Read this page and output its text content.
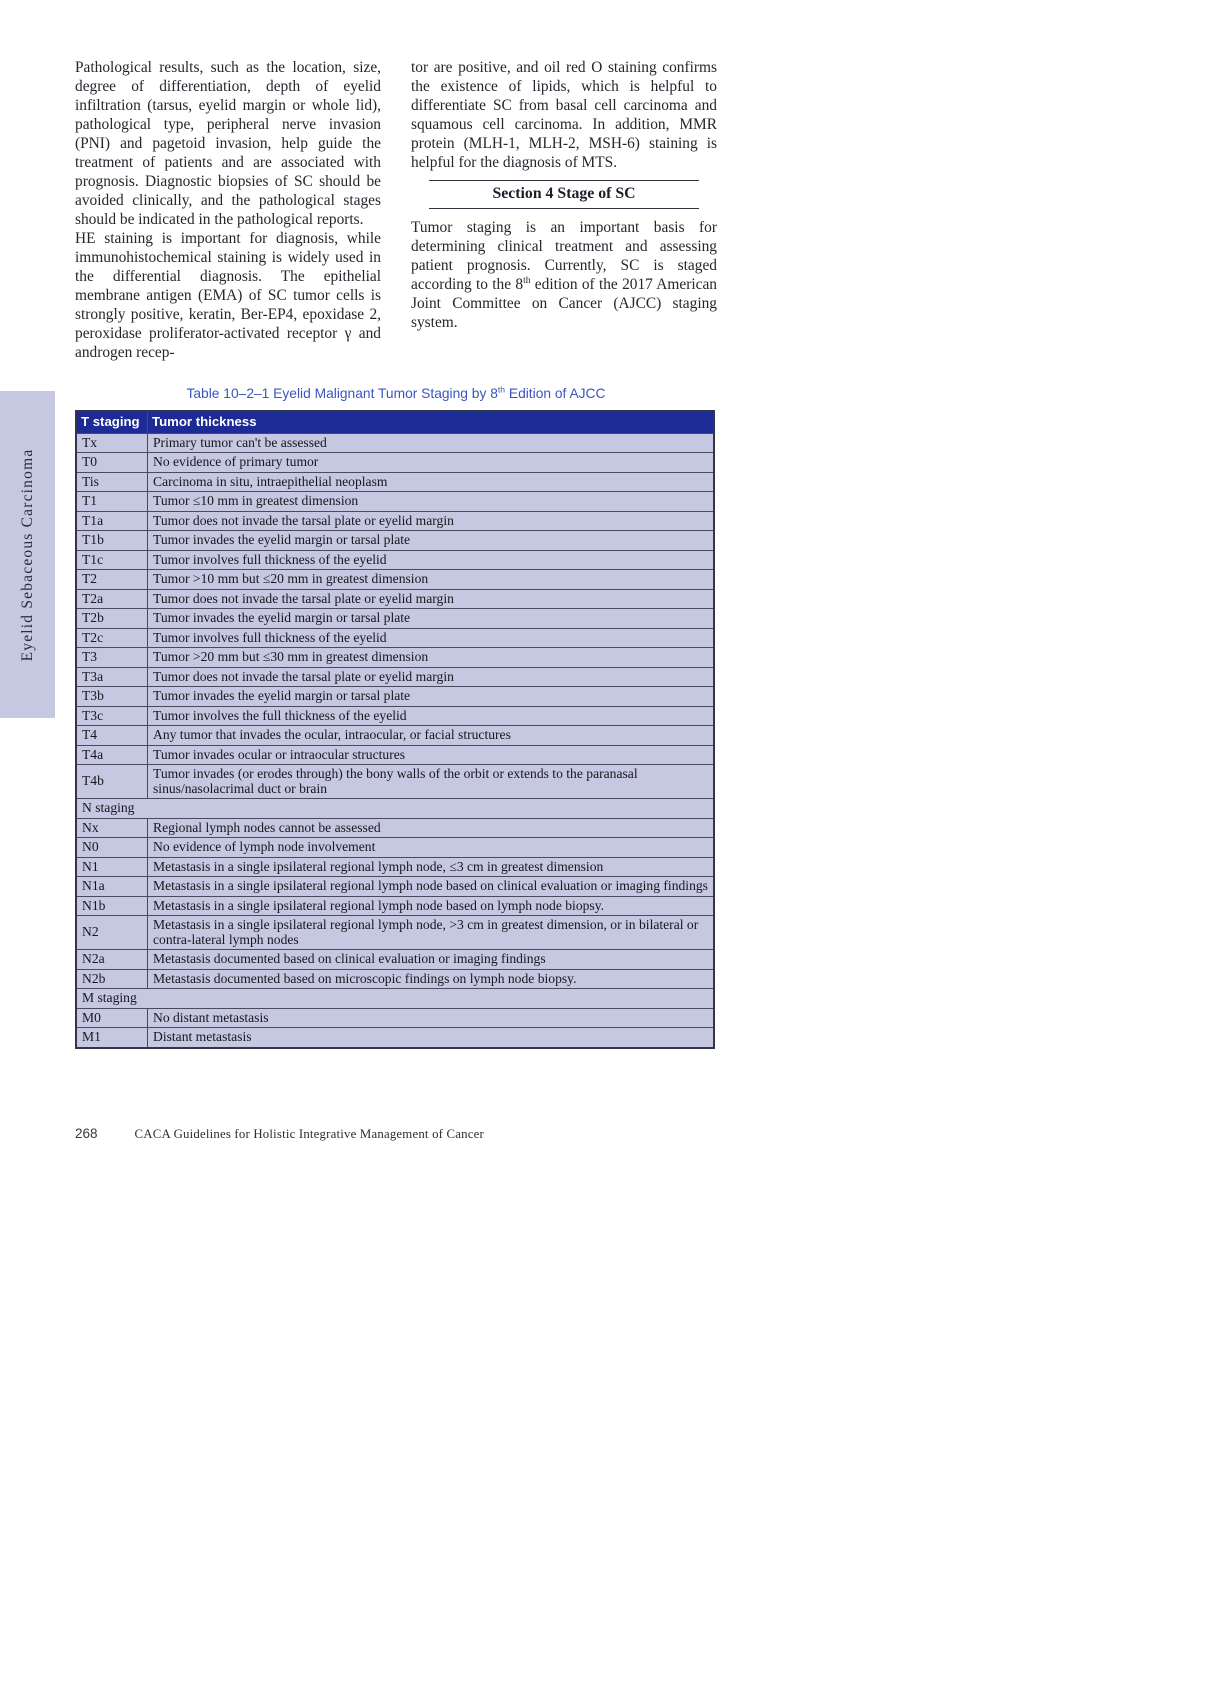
Eyelid Sebaceous Carcinoma

Pathological results, such as the location, size, degree of differentiation, depth of eyelid infiltration (tarsus, eyelid margin or whole lid), pathological type, peripheral nerve invasion (PNI) and pagetoid invasion, help guide the treatment of patients and are associated with prognosis. Diagnostic biopsies of SC should be avoided clinically, and the pathological stages should be indicated in the pathological reports.

HE staining is important for diagnosis, while immunohistochemical staining is widely used in the differential diagnosis. The epithelial membrane antigen (EMA) of SC tumor cells is strongly positive, keratin, Ber-EP4, epoxidase 2, peroxidase proliferator-activated receptor γ and androgen recep-

tor are positive, and oil red O staining confirms the existence of lipids, which is helpful to differentiate SC from basal cell carcinoma and squamous cell carcinoma. In addition, MMR protein (MLH-1, MLH-2, MSH-6) staining is helpful for the diagnosis of MTS.

Section 4 Stage of SC

Tumor staging is an important basis for determining clinical treatment and assessing patient prognosis. Currently, SC is staged according to the 8th edition of the 2017 American Joint Committee on Cancer (AJCC) staging system.

Table 10–2–1 Eyelid Malignant Tumor Staging by 8th Edition of AJCC
T staging	Tumor thickness
Tx	Primary tumor can't be assessed
T0	No evidence of primary tumor
Tis	Carcinoma in situ, intraepithelial neoplasm
T1	Tumor ≤10 mm in greatest dimension
T1a	Tumor does not invade the tarsal plate or eyelid margin
T1b	Tumor invades the eyelid margin or tarsal plate
T1c	Tumor involves full thickness of the eyelid
T2	Tumor >10 mm but ≤20 mm in greatest dimension
T2a	Tumor does not invade the tarsal plate or eyelid margin
T2b	Tumor invades the eyelid margin or tarsal plate
T2c	Tumor involves full thickness of the eyelid
T3	Tumor >20 mm but ≤30 mm in greatest dimension
T3a	Tumor does not invade the tarsal plate or eyelid margin
T3b	Tumor invades the eyelid margin or tarsal plate
T3c	Tumor involves the full thickness of the eyelid
T4	Any tumor that invades the ocular, intraocular, or facial structures
T4a	Tumor invades ocular or intraocular structures
T4b	Tumor invades (or erodes through) the bony walls of the orbit or extends to the paranasal sinus/nasolacrimal duct or brain
N staging	
Nx	Regional lymph nodes cannot be assessed
N0	No evidence of lymph node involvement
N1	Metastasis in a single ipsilateral regional lymph node, ≤3 cm in greatest dimension
N1a	Metastasis in a single ipsilateral regional lymph node based on clinical evaluation or imaging findings
N1b	Metastasis in a single ipsilateral regional lymph node based on lymph node biopsy.
N2	Metastasis in a single ipsilateral regional lymph node, >3 cm in greatest dimension, or in bilateral or contra-lateral lymph nodes
N2a	Metastasis documented based on clinical evaluation or imaging findings
N2b	Metastasis documented based on microscopic findings on lymph node biopsy.
M staging	
M0	No distant metastasis
M1	Distant metastasis
268	CACA Guidelines for Holistic Integrative Management of Cancer
